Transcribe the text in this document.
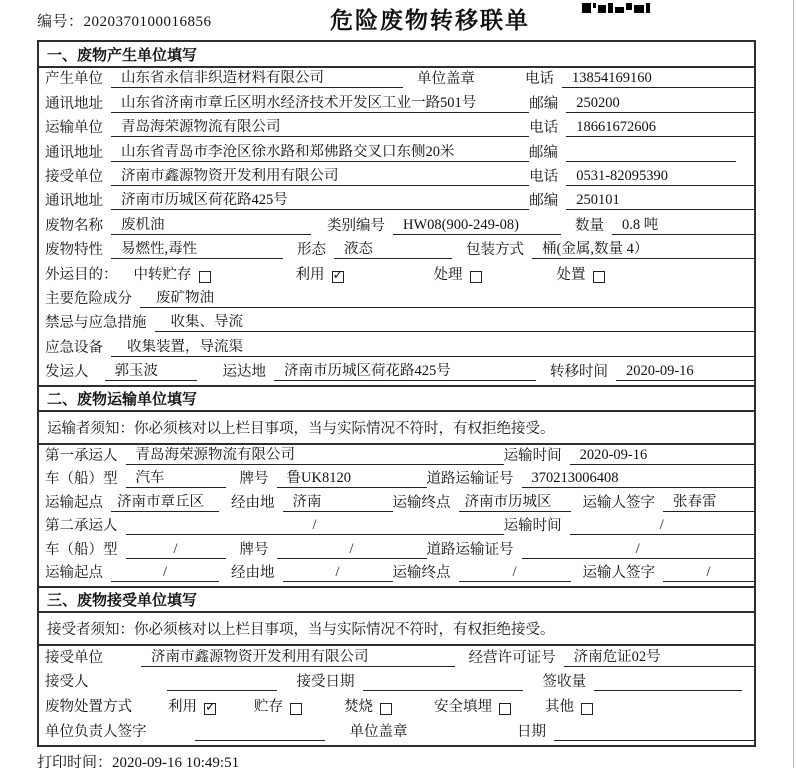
编号：2020370100016856	危险废物转移联单
一、废物产生单位填写
产生单位	山东省永信非织造材料有限公司	单位盖章	电话	13854169160
通讯地址	山东省济南市章丘区明水经济技术开发区工业一路501号	邮编	250200
运输单位	青岛海荣源物流有限公司	电话	18661672606
通讯地址	山东省青岛市李沧区徐水路和郑佛路交叉口东侧20米	邮编
接受单位	济南市鑫源物资开发利用有限公司	电话	0531-82095390
通讯地址	济南市历城区荷花路425号	邮编	250101
废物名称	废机油	类别编号	HW08(900-249-08)	数量	0.8 吨
废物特性	易燃性,毒性	形态	液态	包装方式	桶(金属,数量 4）
外运目的： 中转贮存	利用 ✓	处理	处置
主要危险成分	废矿物油
禁忌与应急措施	收集、导流
应急设备	收集装置，导流渠
发运人	郭玉波	运达地	济南市历城区荷花路425号	转移时间	2020-09-16
二、废物运输单位填写
运输者须知：你必须核对以上栏目事项，当与实际情况不符时，有权拒绝接受。
第一承运人	青岛海荣源物流有限公司	运输时间	2020-09-16
车（船）型	汽车	牌号	鲁UK8120	道路运输证号	370213006408
运输起点 济南市章丘区	经由地	济南	运输终点 济南市历城区	运输人签字	张春雷
第二承运人	/	运输时间	/
车（船）型	/	牌号	/	道路运输证号	/
运输起点	/	经由地	/	运输终点	/	运输人签字	/
三、废物接受单位填写
接受者须知：你必须核对以上栏目事项，当与实际情况不符时，有权拒绝接受。
接受单位	济南市鑫源物资开发利用有限公司	经营许可证号	济南危证02号
接受人	接受日期	签收量
废物处置方式 利用 ✓	贮存	焚烧	安全填埋	其他
单位负责人签字	单位盖章	日期
打印时间：2020-09-16 10:49:51
